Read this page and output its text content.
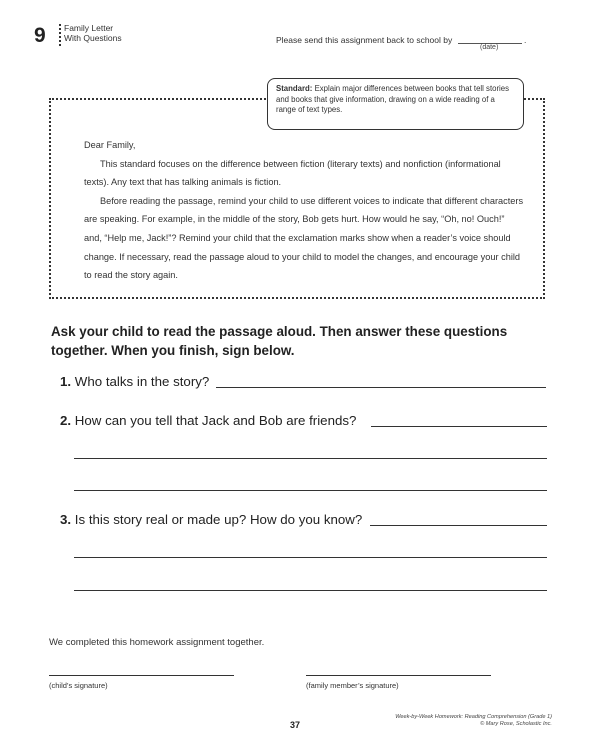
9 Family Letter
With Questions	Please send this assignment back to school by	.
(date)
Standard: Explain major differences between books that tell stories and books that give information, drawing on a wide reading of a range of text types.

Dear Family,

This standard focuses on the difference between fiction (literary texts) and nonfiction (informational texts). Any text that has talking animals is fiction.

Before reading the passage, remind your child to use different voices to indicate that different characters are speaking. For example, in the middle of the story, Bob gets hurt. How would he say, “Oh, no! Ouch!” and, “Help me, Jack!”? Remind your child that the exclamation marks show when a reader’s voice should change. If necessary, read the passage aloud to your child to model the changes, and encourage your child to read the story again.

Ask your child to read the passage aloud. Then answer these questions together. When you finish, sign below.
1. Who talks in the story?
2. How can you tell that Jack and Bob are friends?
3. Is this story real or made up? How do you know?
We completed this homework assignment together.
(child’s signature)	(family member’s signature)
37
Week-by-Week Homework: Reading Comprehension (Grade 1)
© Mary Rose, Scholastic Inc.
